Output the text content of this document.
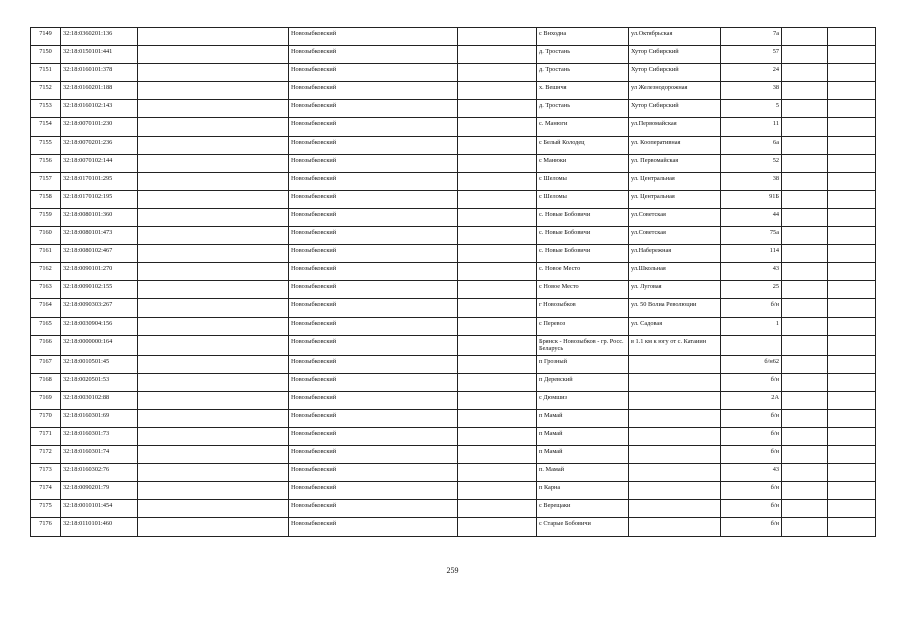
7149	32:18:0360201:136		Новозыбковский		с Внходна	ул.Октябрьская	7а		
7150	32:18:0150101:441		Новозыбковский		д. Тростань	Хутор Сибирский	57		
7151	32:18:0160101:378		Новозыбковский		д. Тростань	Хутор Сибирский	24		
7152	32:18:0160201:188		Новозыбковский		х. Вешнчя	ул Железнодорожная	38		
7153	32:18:0160102:143		Новозыбковский		д. Тростань	Хутор Сибирский	5		
7154	32:18:0070101:230		Новозыбковский		с. Манюги	ул.Первомайская	11		
7155	32:18:0070201:236		Новозыбковский		с Белый Колодец	ул. Кооперативная	6а		
7156	32:18:0070102:144		Новозыбковский		с Манюки	ул. Первомайская	52		
7157	32:18:0170101:295		Новозыбковский		с Шеломы	ул. Центральная	38		
7158	32:18:0170102:195		Новозыбковский		с Шеломы	ул. Центральная	91Б		
7159	32:18:0080101:360		Новозыбковский		с. Новые Бобовичи	ул.Советская	44		
7160	32:18:0080101:473		Новозыбковский		с. Новые Бобовичи	ул.Советская	75а		
7161	32:18:0080102:467		Новозыбковский		с. Новые Бобовичи	ул.Набережная	114		
7162	32:18:0090101:270		Новозыбковский		с. Новое Место	ул.Школьная	43		
7163	32:18:0090102:155		Новозыбковский		с Новое Место	ул. Луговая	25		
7164	32:18:0090303:267		Новозыбковский		г Новозыбков	ул. 50 Волиа Революции	б/н		
7165	32:18:0030904:156		Новозыбковский		с Перевоз	ул. Садовая	1		
7166	32:18:0000000:164		Новозыбковский		Брянск - Новозыбков - гр. Росс. Беларусь	в 1.1 км к югу от с. Катаиин			
7167	32:18:0010501:45		Новозыбковский		п Грозный		б/н62		
7168	32:18:0020501:53		Новозыбковский		п Деревский		б/н		
7169	32:18:0030102:88		Новозыбковский		с Дюмшиз		2А		
7170	32:18:0160301:69		Новозыбковский		п Мамай		б/н		
7171	32:18:0160301:73		Новозыбковский		п Мамай		б/н		
7172	32:18:0160301:74		Новозыбковский		п Мамай		б/н		
7173	32:18:0160302:76		Новозыбковский		п. Мамай		43		
7174	32:18:0090201:79		Новозыбковский		п Карна		б/н		
7175	32:18:0010101:454		Новозыбковский		с Верещаки		б/н		
7176	32:18:0110101:460		Новозыбковский		с Старые Бобовичи		б/н		
259
